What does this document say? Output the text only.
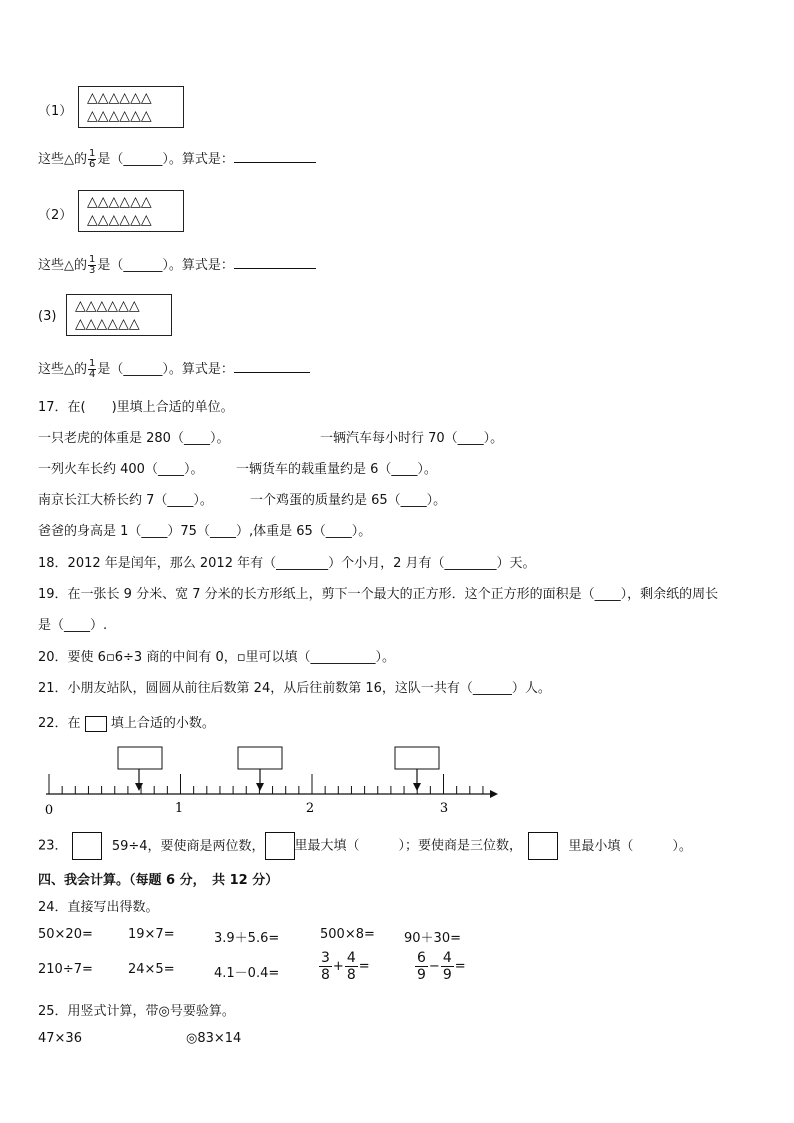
（1）
△△△△△△
△△△△△△
这些△的 $\frac{1}{6}$ 是（______）。算式是：
（2）
△△△△△△
△△△△△△
这些△的 $\frac{1}{3}$ 是（______）。算式是：
(3)
△△△△△△
△△△△△△
这些△的 $\frac{1}{4}$ 是（______）。算式是：
17．在(　　)里填上合适的单位。
一只老虎的体重是 280（____）。	一辆汽车每小时行 70（____）。
一列火车长约 400（____）。	一辆货车的载重量约是 6（____）。
南京长江大桥长约 7（____）。	一个鸡蛋的质量约是 65（____）。
爸爸的身高是 1（____）75（____）,体重是 65（____）。
18．2012 年是闰年，那么 2012 年有（________）个小月，2 月有（________）天。
19．在一张长 9 分米、宽 7 分米的长方形纸上，剪下一个最大的正方形．这个正方形的面积是（____），剩余纸的周长
是（____）.
20．要使 6▫6÷3 商的中间有 0，▫里可以填（__________）。
21．小朋友站队，圆圆从前往后数第 24，从后往前数第 16，这队一共有（______）人。
22．在 填上合适的小数。
0	1	2	3
23．	59÷4，要使商是两位数， 里最大填（　　　）；要使商是三位数，	里最小填（　　　）。
四、我会计算。（每题 6 分，　共 12 分）
24．直接写出得数。
50×20=	19×7=	3.9＋5.6=	500×8= 90＋30=
210÷7=	24×5=	4.1－0.4=	$\frac{3}{8} + \frac{4}{8}$ =	$\frac{6}{9} - \frac{4}{9}$ =
25．用竖式计算，带◎号要验算。
47×36	◎83×14
